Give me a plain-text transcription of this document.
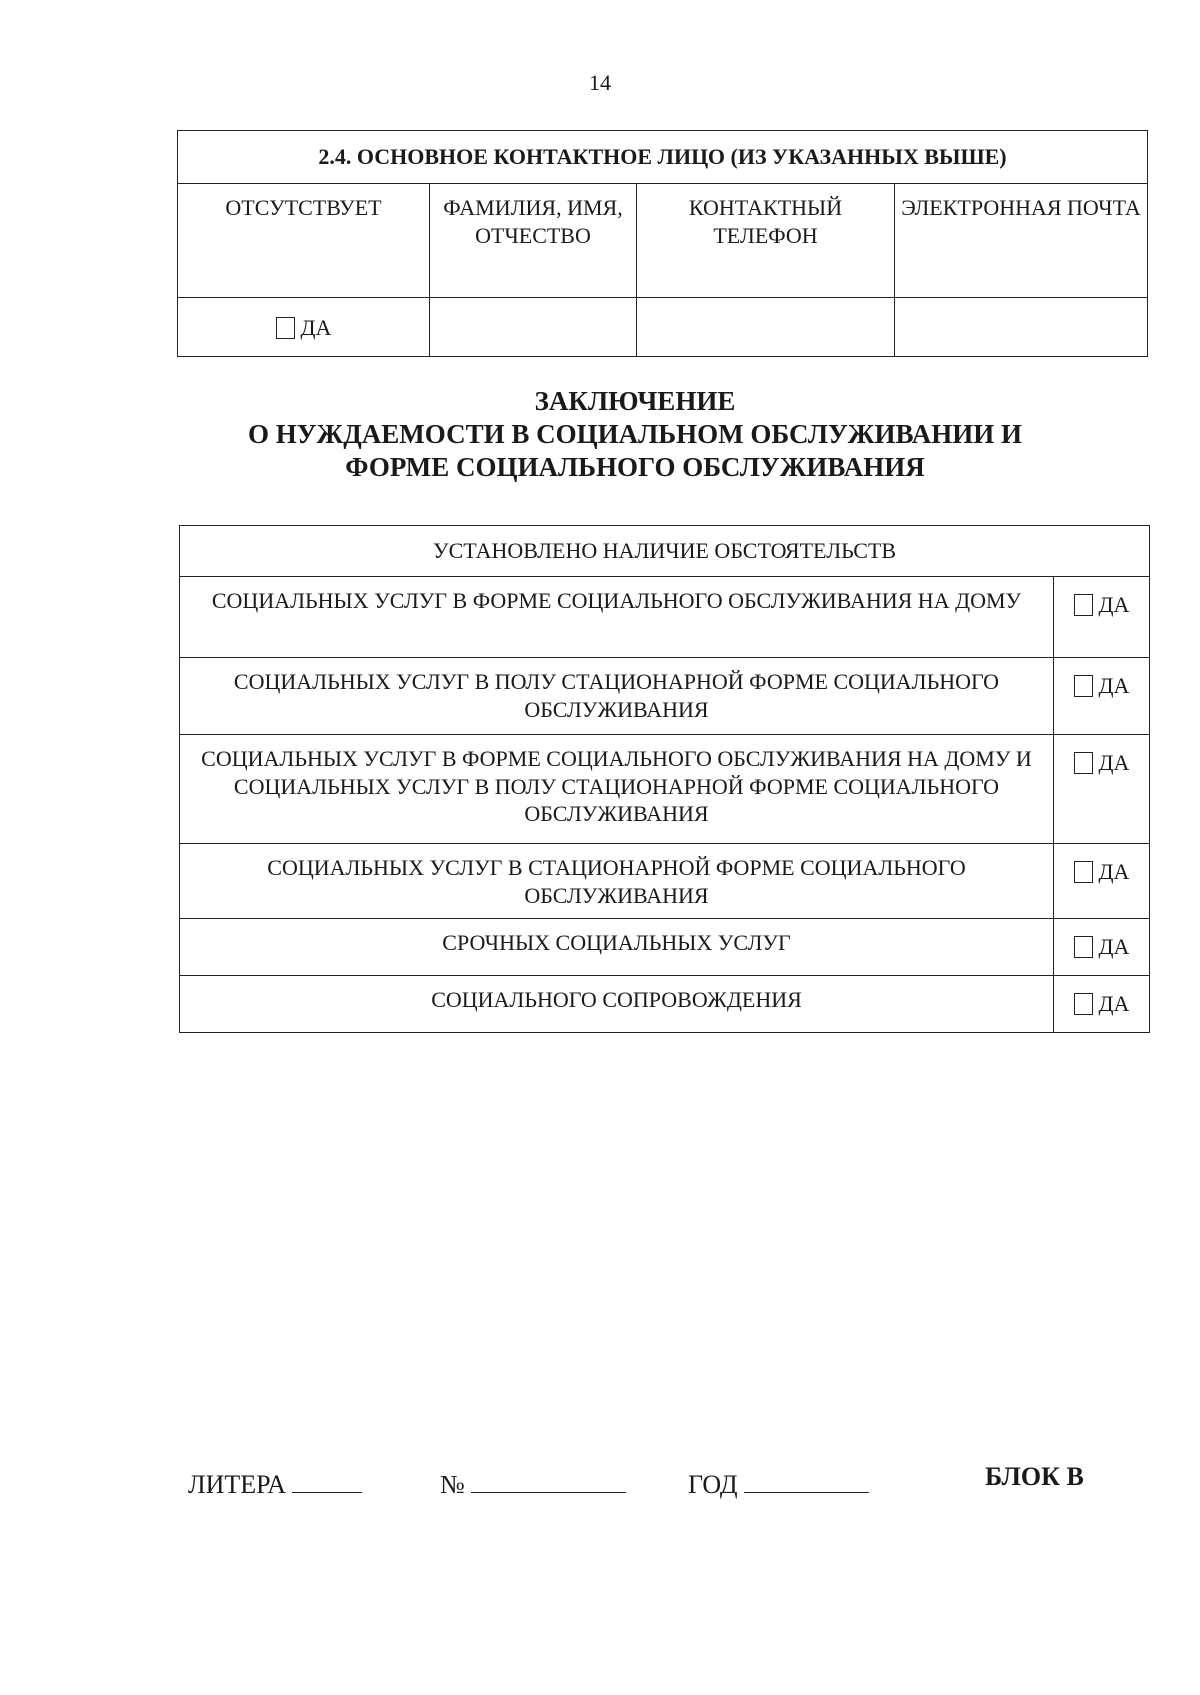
14
2.4. ОСНОВНОЕ КОНТАКТНОЕ ЛИЦО (ИЗ УКАЗАННЫХ ВЫШЕ)			
ОТСУТСТВУЕТ	ФАМИЛИЯ, ИМЯ, ОТЧЕСТВО	КОНТАКТНЫЙ ТЕЛЕФОН	ЭЛЕКТРОННАЯ ПОЧТА
ДА			
ЗАКЛЮЧЕНИЕ
О НУЖДАЕМОСТИ В СОЦИАЛЬНОМ ОБСЛУЖИВАНИИ И
ФОРМЕ СОЦИАЛЬНОГО ОБСЛУЖИВАНИЯ
УСТАНОВЛЕНО НАЛИЧИЕ ОБСТОЯТЕЛЬСТВ	
СОЦИАЛЬНЫХ УСЛУГ В ФОРМЕ СОЦИАЛЬНОГО ОБСЛУЖИВАНИЯ НА ДОМУ	ДА
СОЦИАЛЬНЫХ УСЛУГ В ПОЛУ СТАЦИОНАРНОЙ ФОРМЕ СОЦИАЛЬНОГО ОБСЛУЖИВАНИЯ	ДА
СОЦИАЛЬНЫХ УСЛУГ В ФОРМЕ СОЦИАЛЬНОГО ОБСЛУЖИВАНИЯ НА ДОМУ И СОЦИАЛЬНЫХ УСЛУГ В ПОЛУ СТАЦИОНАРНОЙ ФОРМЕ СОЦИАЛЬНОГО ОБСЛУЖИВАНИЯ	ДА
СОЦИАЛЬНЫХ УСЛУГ В СТАЦИОНАРНОЙ ФОРМЕ СОЦИАЛЬНОГО ОБСЛУЖИВАНИЯ	ДА
СРОЧНЫХ СОЦИАЛЬНЫХ УСЛУГ	ДА
СОЦИАЛЬНОГО СОПРОВОЖДЕНИЯ	ДА
ЛИТЕРА	№	ГОД	БЛОК В
